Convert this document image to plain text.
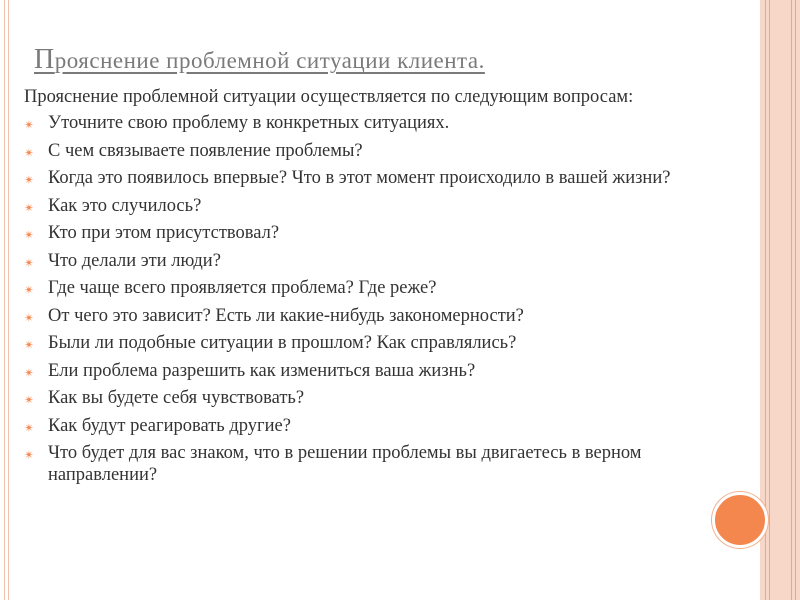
Прояснение проблемной ситуации клиента.

Прояснение проблемной ситуации осуществляется по следующим вопросам:

✴ Уточните свою проблему в конкретных ситуациях.
✴ С чем связываете появление проблемы?
✴ Когда это появилось впервые? Что в этот момент происходило в вашей жизни?
✴ Как это случилось?
✴ Кто при этом присутствовал?
✴ Что делали эти люди?
✴ Где чаще всего проявляется проблема? Где реже?
✴ От чего это зависит? Есть ли какие-нибудь закономерности?
✴ Были ли подобные ситуации в прошлом? Как справлялись?
✴ Ели проблема разрешить как измениться ваша жизнь?
✴ Как вы будете себя чувствовать?
✴ Как будут реагировать другие?
✴ Что будет для вас знаком, что в решении проблемы вы двигаетесь в верном направлении?
